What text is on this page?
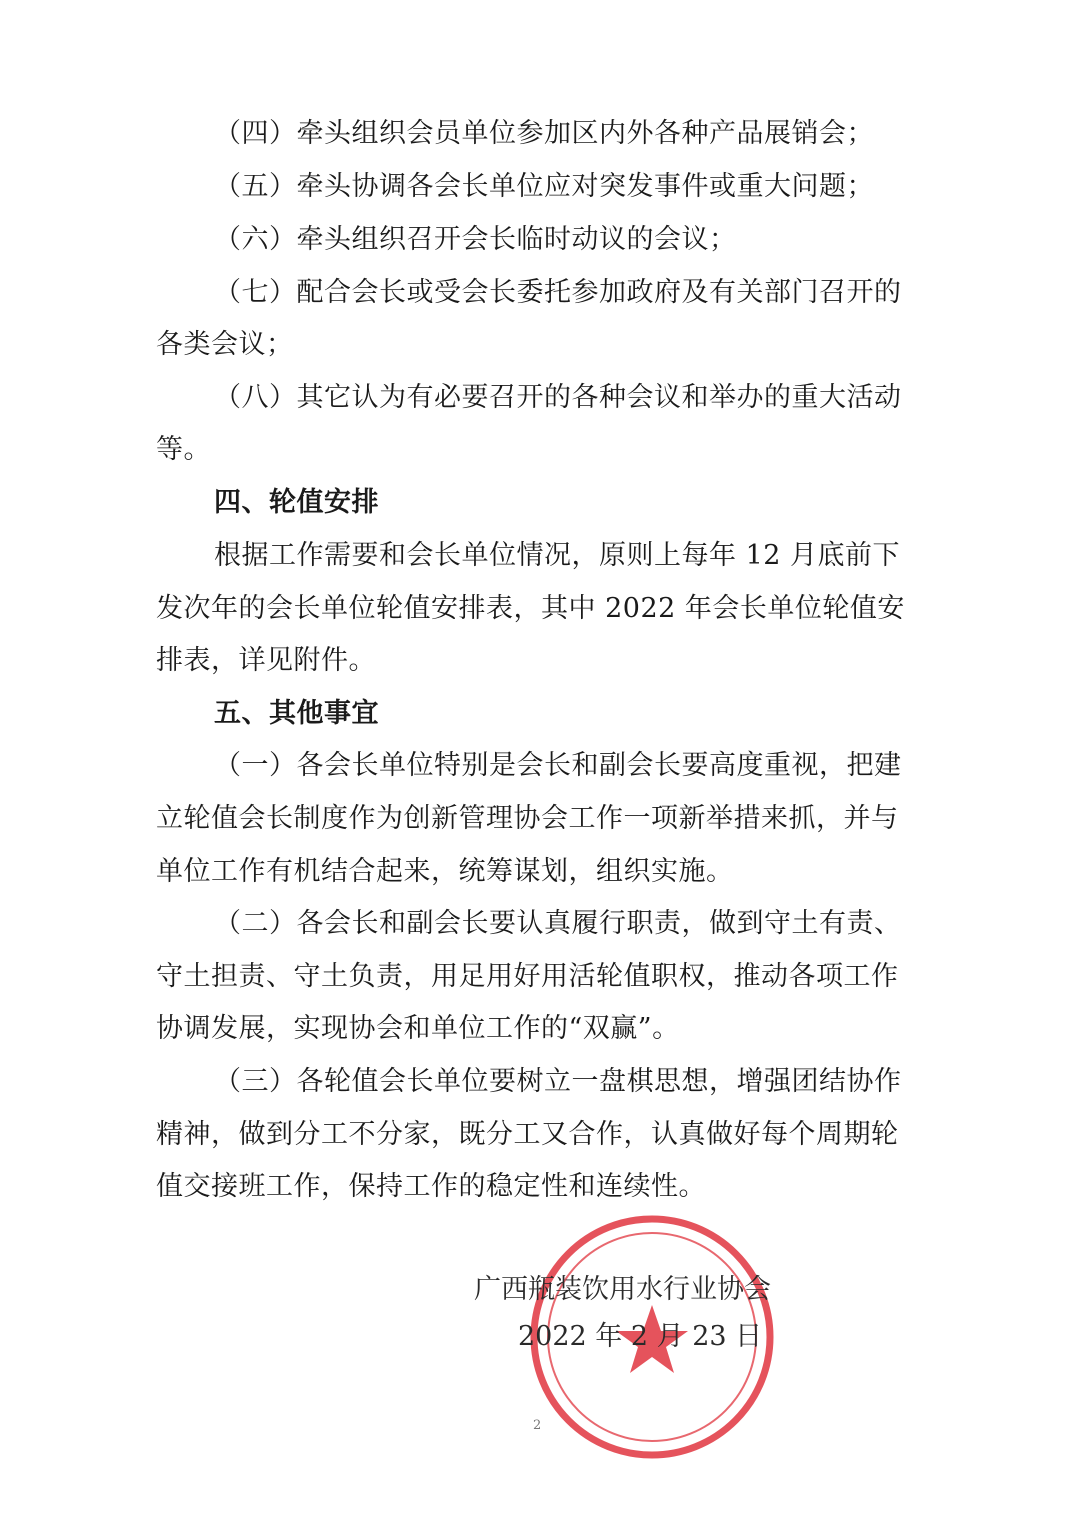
（四）牵头组织会员单位参加区内外各种产品展销会；
（五）牵头协调各会长单位应对突发事件或重大问题；
（六）牵头组织召开会长临时动议的会议；
（七）配合会长或受会长委托参加政府及有关部门召开的
各类会议；
（八）其它认为有必要召开的各种会议和举办的重大活动
等。
四、轮值安排
根据工作需要和会长单位情况，原则上每年 12 月底前下
发次年的会长单位轮值安排表，其中 2022 年会长单位轮值安
排表，详见附件。
五、其他事宜
（一）各会长单位特别是会长和副会长要高度重视，把建
立轮值会长制度作为创新管理协会工作一项新举措来抓，并与
单位工作有机结合起来，统筹谋划，组织实施。
（二）各会长和副会长要认真履行职责，做到守土有责、
守土担责、守土负责，用足用好用活轮值职权，推动各项工作
协调发展，实现协会和单位工作的“双赢”。
（三）各轮值会长单位要树立一盘棋思想，增强团结协作
精神，做到分工不分家，既分工又合作，认真做好每个周期轮
值交接班工作，保持工作的稳定性和连续性。
广西瓶装饮用水行业协会
2022 年 2 月 23 日
2
